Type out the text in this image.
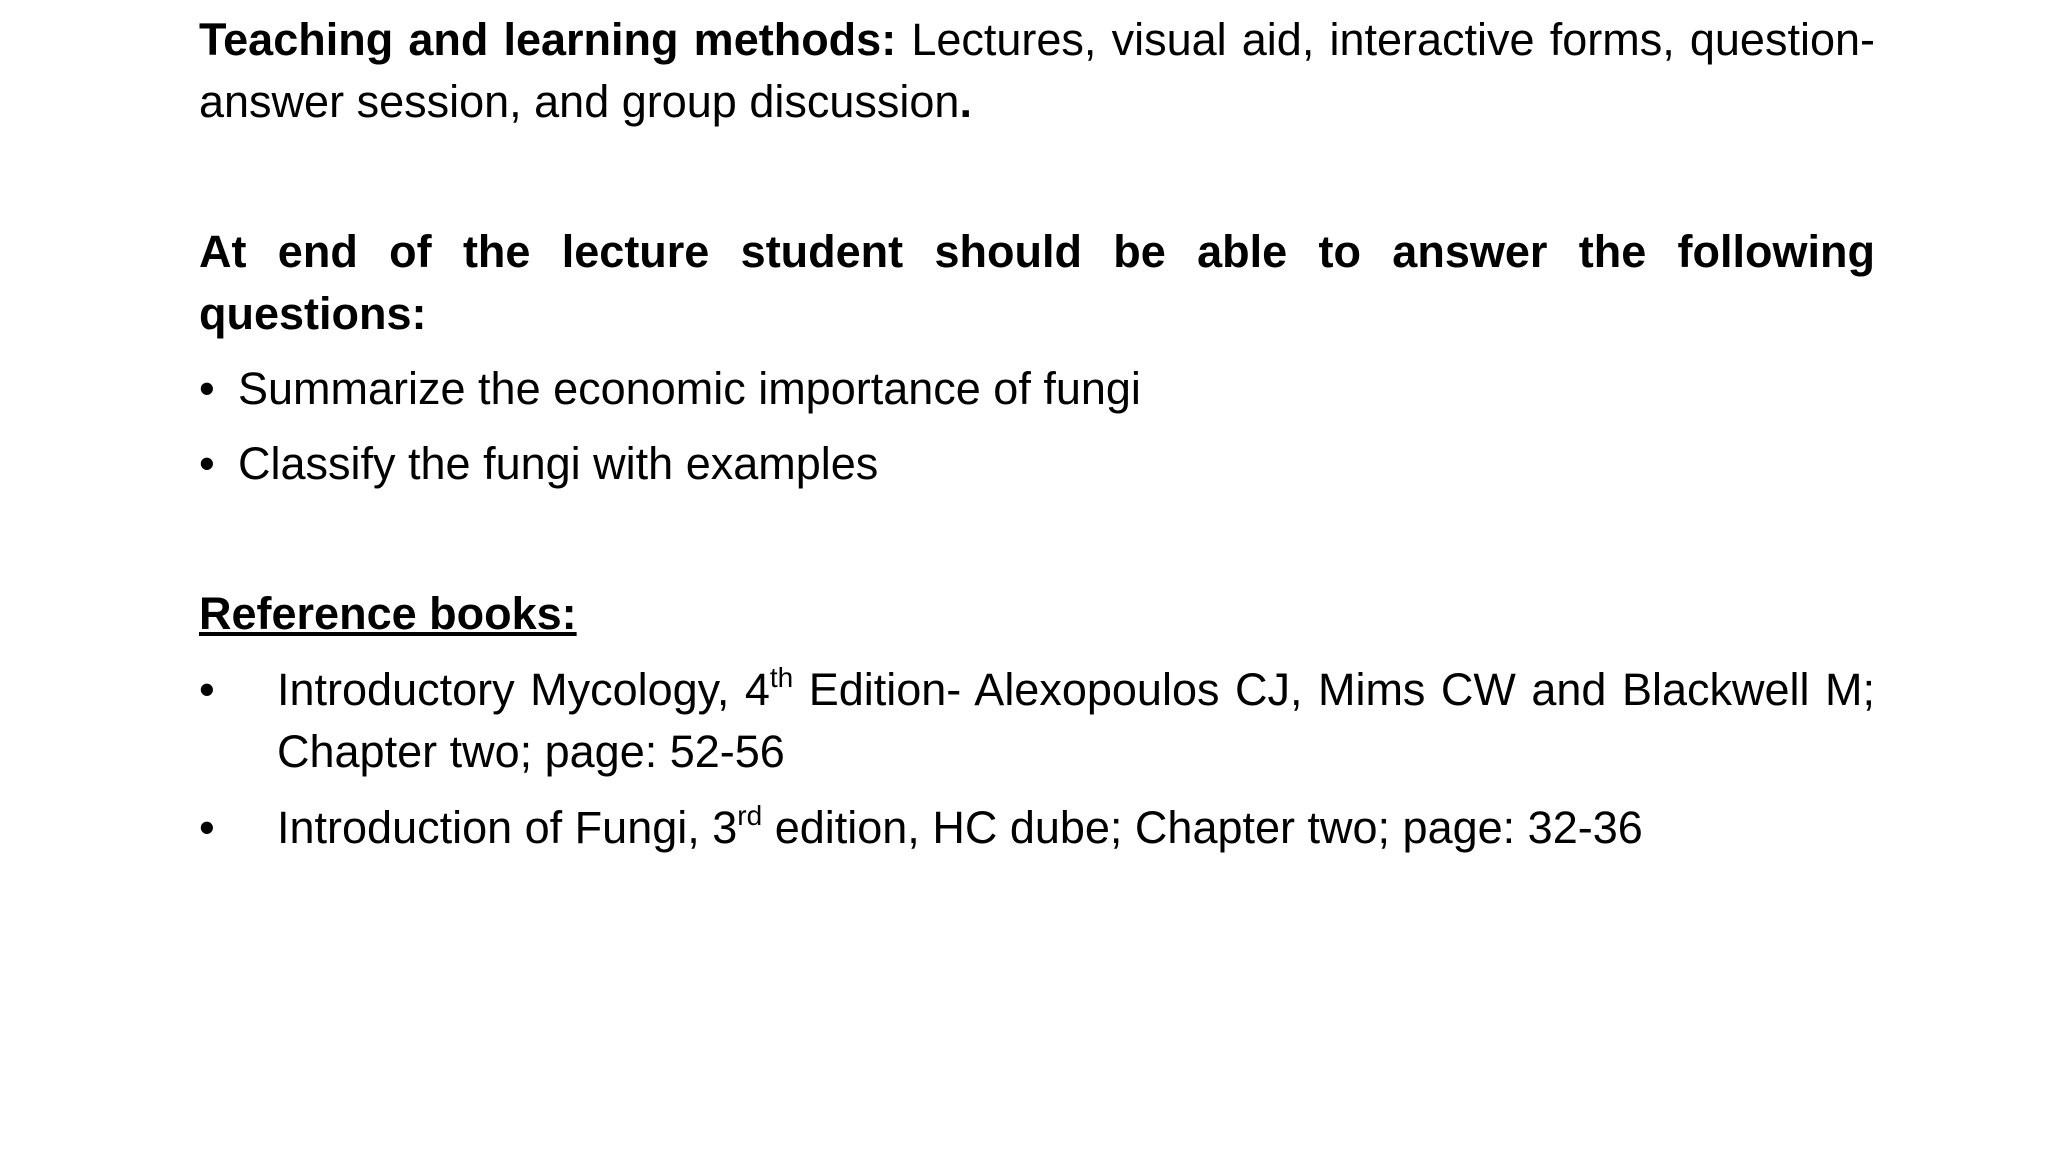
Teaching and learning methods: Lectures, visual aid, interactive forms, question-answer session, and group discussion.

At end of the lecture student should be able to answer the following questions:

• Summarize the economic importance of fungi
• Classify the fungi with examples
Reference books:
• Introductory Mycology, 4th Edition- Alexopoulos CJ, Mims CW and Blackwell M; Chapter two; page: 52-56
• Introduction of Fungi, 3rd edition, HC dube; Chapter two; page: 32-36
